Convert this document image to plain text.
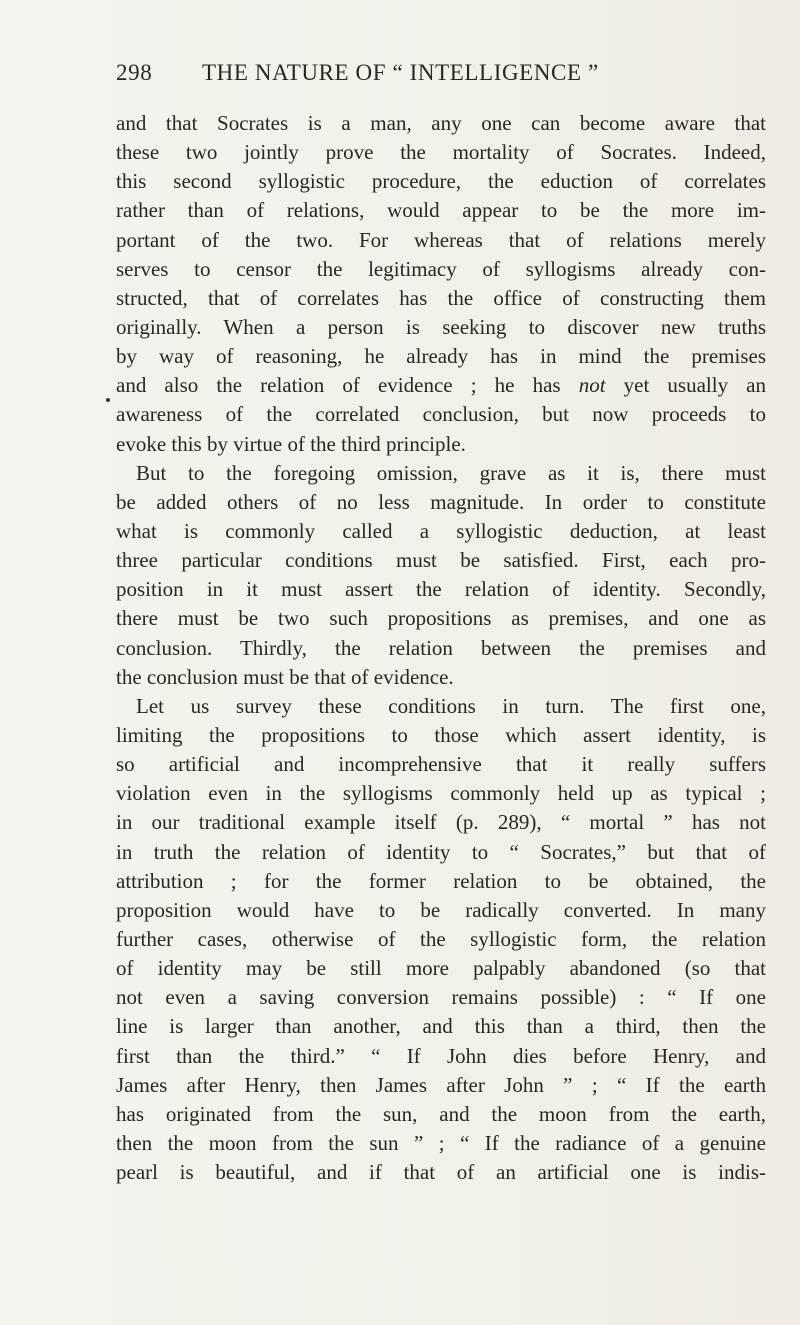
298 THE NATURE OF “ INTELLIGENCE ”
and that Socrates is a man, any one can become aware that
these two jointly prove the mortality of Socrates. Indeed,
this second syllogistic procedure, the eduction of correlates
rather than of relations, would appear to be the more im-
portant of the two. For whereas that of relations merely
serves to censor the legitimacy of syllogisms already con-
structed, that of correlates has the office of constructing them
originally. When a person is seeking to discover new truths
by way of reasoning, he already has in mind the premises
and also the relation of evidence ; he has not yet usually an
awareness of the correlated conclusion, but now proceeds to
evoke this by virtue of the third principle.
But to the foregoing omission, grave as it is, there must
be added others of no less magnitude. In order to constitute
what is commonly called a syllogistic deduction, at least
three particular conditions must be satisfied. First, each pro-
position in it must assert the relation of identity. Secondly,
there must be two such propositions as premises, and one as
conclusion. Thirdly, the relation between the premises and
the conclusion must be that of evidence.
Let us survey these conditions in turn. The first one,
limiting the propositions to those which assert identity, is
so artificial and incomprehensive that it really suffers
violation even in the syllogisms commonly held up as typical ;
in our traditional example itself (p. 289), “ mortal ” has not
in truth the relation of identity to “ Socrates,” but that of
attribution ; for the former relation to be obtained, the
proposition would have to be radically converted. In many
further cases, otherwise of the syllogistic form, the relation
of identity may be still more palpably abandoned (so that
not even a saving conversion remains possible) : “ If one
line is larger than another, and this than a third, then the
first than the third.” “ If John dies before Henry, and
James after Henry, then James after John ” ; “ If the earth
has originated from the sun, and the moon from the earth,
then the moon from the sun ” ; “ If the radiance of a genuine
pearl is beautiful, and if that of an artificial one is indis-
